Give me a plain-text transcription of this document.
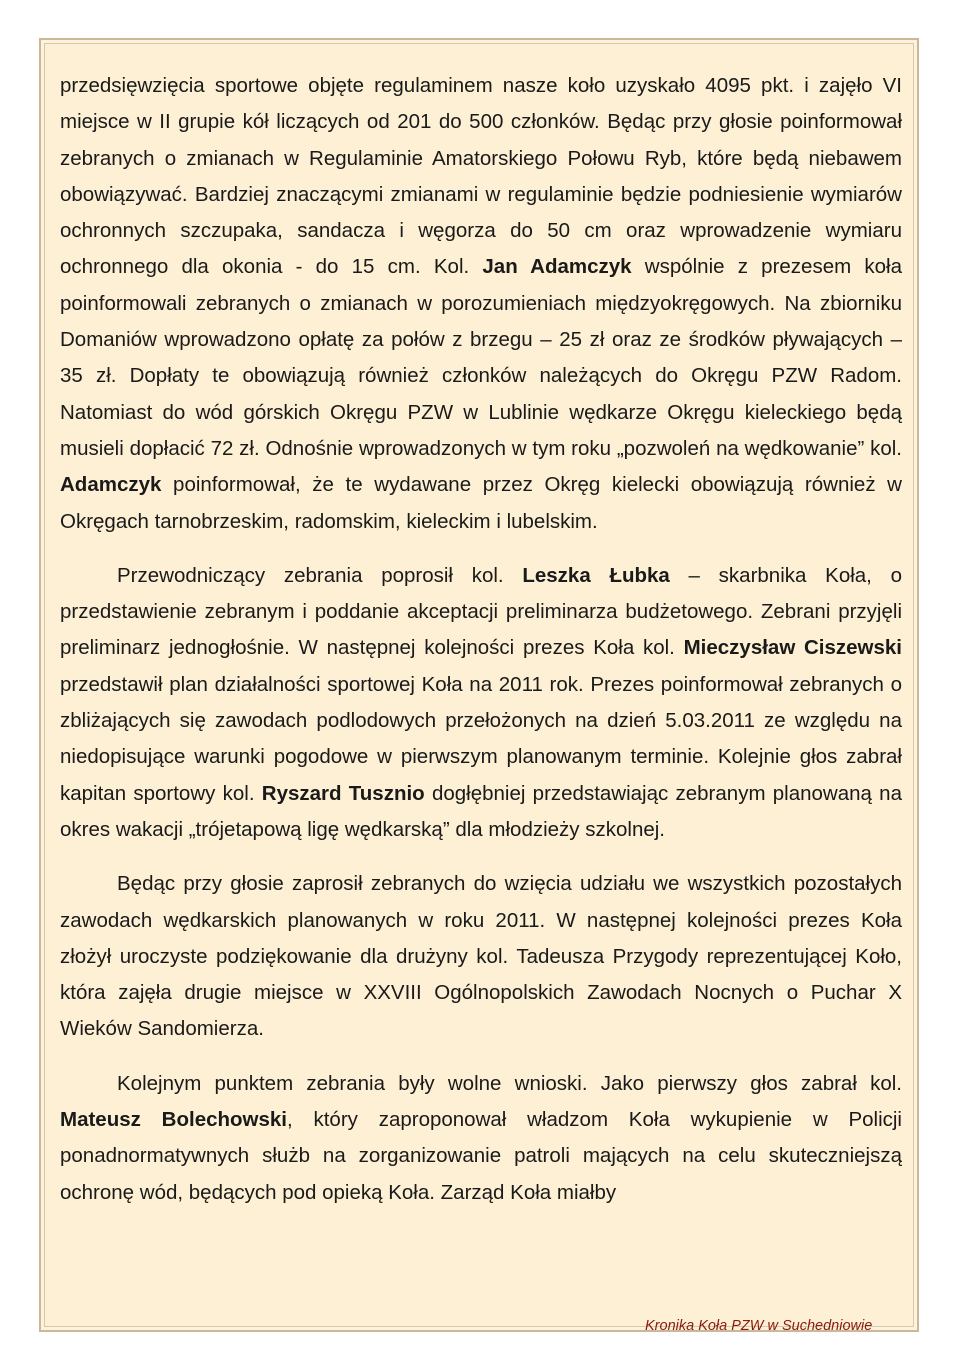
przedsięwzięcia sportowe objęte regulaminem nasze koło uzyskało 4095 pkt. i zajęło VI miejsce w II grupie kół liczących od 201 do 500 członków. Będąc przy głosie poinformował zebranych o zmianach w Regulaminie Amatorskiego Połowu Ryb, które będą niebawem obowiązywać. Bardziej znaczącymi zmianami w regulaminie będzie podniesienie wymiarów ochronnych szczupaka, sandacza i węgorza do 50 cm oraz wprowadzenie wymiaru ochronnego dla okonia - do 15 cm. Kol. Jan Adamczyk wspólnie z prezesem koła poinformowali zebranych o zmianach w porozumieniach międzyokręgowych. Na zbiorniku Domaniów wprowadzono opłatę za połów z brzegu – 25 zł oraz ze środków pływających – 35 zł. Dopłaty te obowiązują również członków należących do Okręgu PZW Radom. Natomiast do wód górskich Okręgu PZW w Lublinie wędkarze Okręgu kieleckiego będą musieli dopłacić 72 zł. Odnośnie wprowadzonych w tym roku „pozwoleń na wędkowanie” kol. Adamczyk poinformował, że te wydawane przez Okręg kielecki obowiązują również w Okręgach tarnobrzeskim, radomskim, kieleckim i lubelskim.

Przewodniczący zebrania poprosił kol. Leszka Łubka – skarbnika Koła, o przedstawienie zebranym i poddanie akceptacji preliminarza budżetowego. Zebrani przyjęli preliminarz jednogłośnie. W następnej kolejności prezes Koła kol. Mieczysław Ciszewski przedstawił plan działalności sportowej Koła na 2011 rok. Prezes poinformował zebranych o zbliżających się zawodach podlodowych przełożonych na dzień 5.03.2011 ze względu na niedopisujące warunki pogodowe w pierwszym planowanym terminie. Kolejnie głos zabrał kapitan sportowy kol. Ryszard Tusznio dogłębniej przedstawiając zebranym planowaną na okres wakacji „trójetapową ligę wędkarską” dla młodzieży szkolnej.

Będąc przy głosie zaprosił zebranych do wzięcia udziału we wszystkich pozostałych zawodach wędkarskich planowanych w roku 2011. W następnej kolejności prezes Koła złożył uroczyste podziękowanie dla drużyny kol. Tadeusza Przygody reprezentującej Koło, która zajęła drugie miejsce w XXVIII Ogólnopolskich Zawodach Nocnych o Puchar X Wieków Sandomierza.

Kolejnym punktem zebrania były wolne wnioski. Jako pierwszy głos zabrał kol. Mateusz Bolechowski, który zaproponował władzom Koła wykupienie w Policji ponadnormatywnych służb na zorganizowanie patroli mających na celu skuteczniejszą ochronę wód, będących pod opieką Koła. Zarząd Koła miałby

Kronika Koła PZW w Suchedniowie
